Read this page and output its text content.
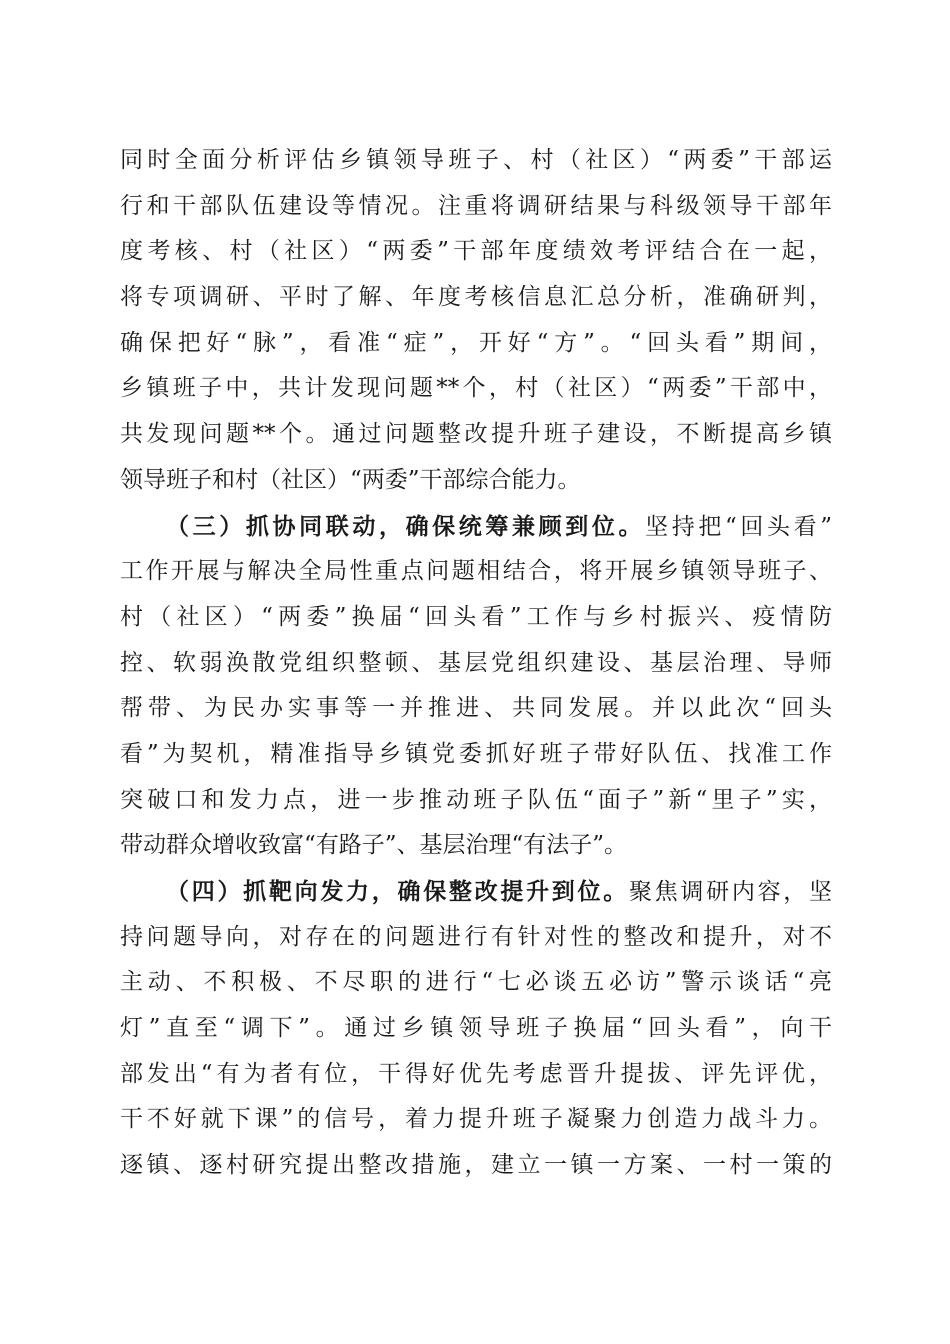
同时全面分析评估乡镇领导班子、村（社区）“两委”干部运
行和干部队伍建设等情况。注重将调研结果与科级领导干部年
度考核、村（社区）“两委”干部年度绩效考评结合在一起，
将专项调研、平时了解、年度考核信息汇总分析，准确研判，
确保把好“脉”，看准“症”，开好“方”。“回头看”期间，
乡镇班子中，共计发现问题**个，村（社区）“两委”干部中，
共发现问题**个。通过问题整改提升班子建设，不断提高乡镇
领导班子和村（社区）“两委”干部综合能力。
（三）抓协同联动，确保统筹兼顾到位。坚持把“回头看”
工作开展与解决全局性重点问题相结合，将开展乡镇领导班子、
村（社区）“两委”换届“回头看”工作与乡村振兴、疫情防
控、软弱涣散党组织整顿、基层党组织建设、基层治理、导师
帮带、为民办实事等一并推进、共同发展。并以此次“回头
看”为契机，精准指导乡镇党委抓好班子带好队伍、找准工作
突破口和发力点，进一步推动班子队伍“面子”新“里子”实，
带动群众增收致富“有路子”、基层治理“有法子”。
（四）抓靶向发力，确保整改提升到位。聚焦调研内容，坚
持问题导向，对存在的问题进行有针对性的整改和提升，对不
主动、不积极、不尽职的进行“七必谈五必访”警示谈话“亮
灯”直至“调下”。通过乡镇领导班子换届“回头看”，向干
部发出“有为者有位，干得好优先考虑晋升提拔、评先评优，
干不好就下课”的信号，着力提升班子凝聚力创造力战斗力。
逐镇、逐村研究提出整改措施，建立一镇一方案、一村一策的
